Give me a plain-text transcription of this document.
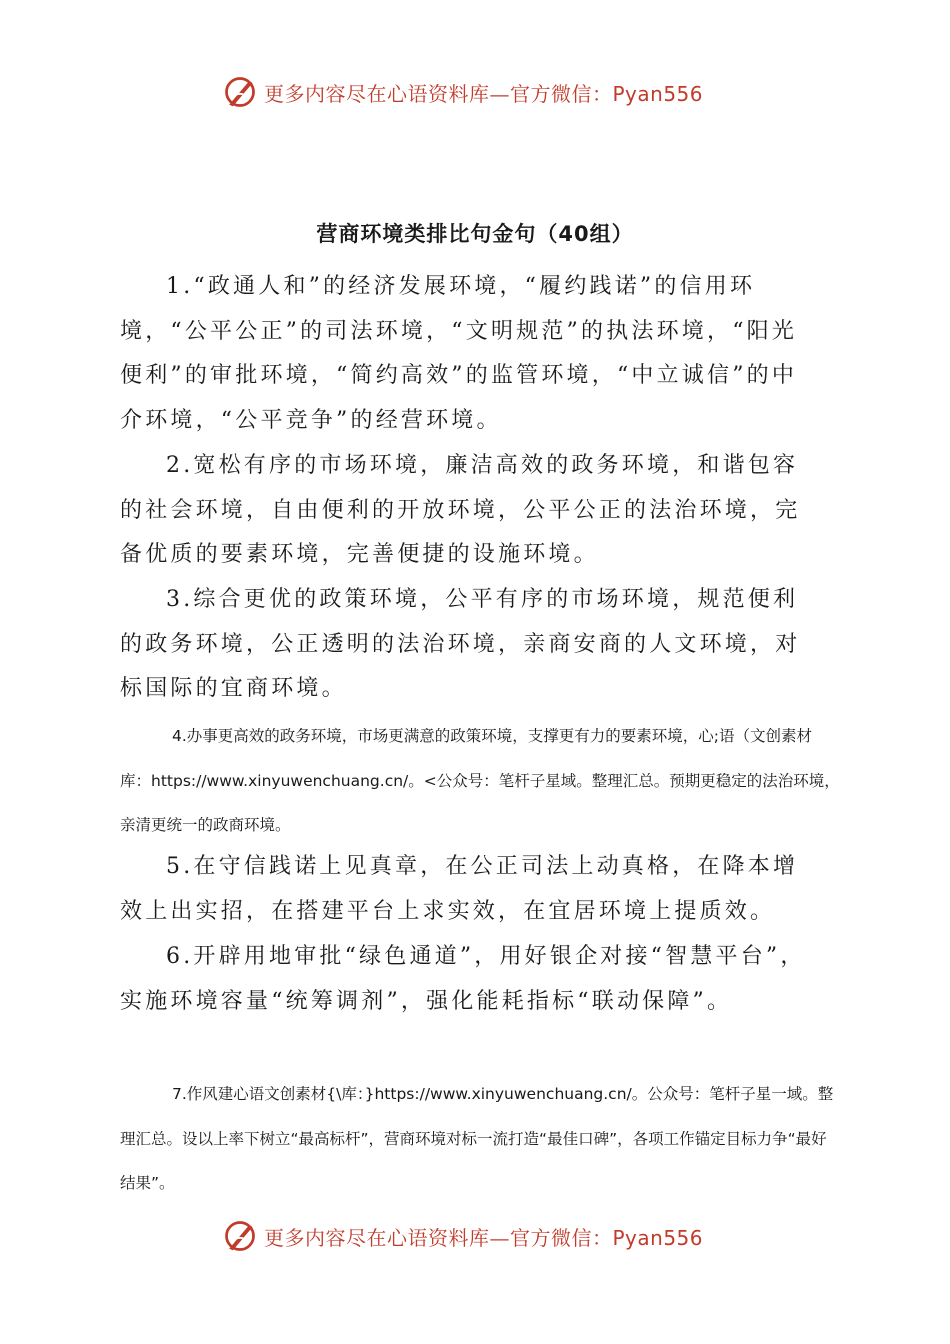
更多内容尽在心语资料库—官方微信：Pyan556
营商环境类排比句金句（40组）

1.“政通人和”的经济发展环境，“履约践诺”的信用环境，“公平公正”的司法环境，“文明规范”的执法环境，“阳光便利”的审批环境，“简约高效”的监管环境，“中立诚信”的中介环境，“公平竞争”的经营环境。

2.宽松有序的市场环境，廉洁高效的政务环境，和谐包容的社会环境，自由便利的开放环境，公平公正的法治环境，完备优质的要素环境，完善便捷的设施环境。

3.综合更优的政策环境，公平有序的市场环境，规范便利的政务环境，公正透明的法治环境，亲商安商的人文环境，对标国际的宜商环境。

4.办事更高效的政务环境，市场更满意的政策环境，支撑更有力的要素环境，心;语（文创素材库：https://www.xinyuwenchuang.cn/。<公众号：笔杆子星域。整理汇总。预期更稳定的法治环境，亲清更统一的政商环境。

5.在守信践诺上见真章，在公正司法上动真格，在降本增效上出实招，在搭建平台上求实效，在宜居环境上提质效。

6.开辟用地审批“绿色通道”，用好银企对接“智慧平台”，实施环境容量“统筹调剂”，强化能耗指标“联动保障”。

7.作风建心语文创素材{\库：}https://www.xinyuwenchuang.cn/。公众号：笔杆子星一域。整理汇总。设以上率下树立“最高标杆”，营商环境对标一流打造“最佳口碑”，各项工作锚定目标力争“最好结果”。

更多内容尽在心语资料库—官方微信：Pyan556
